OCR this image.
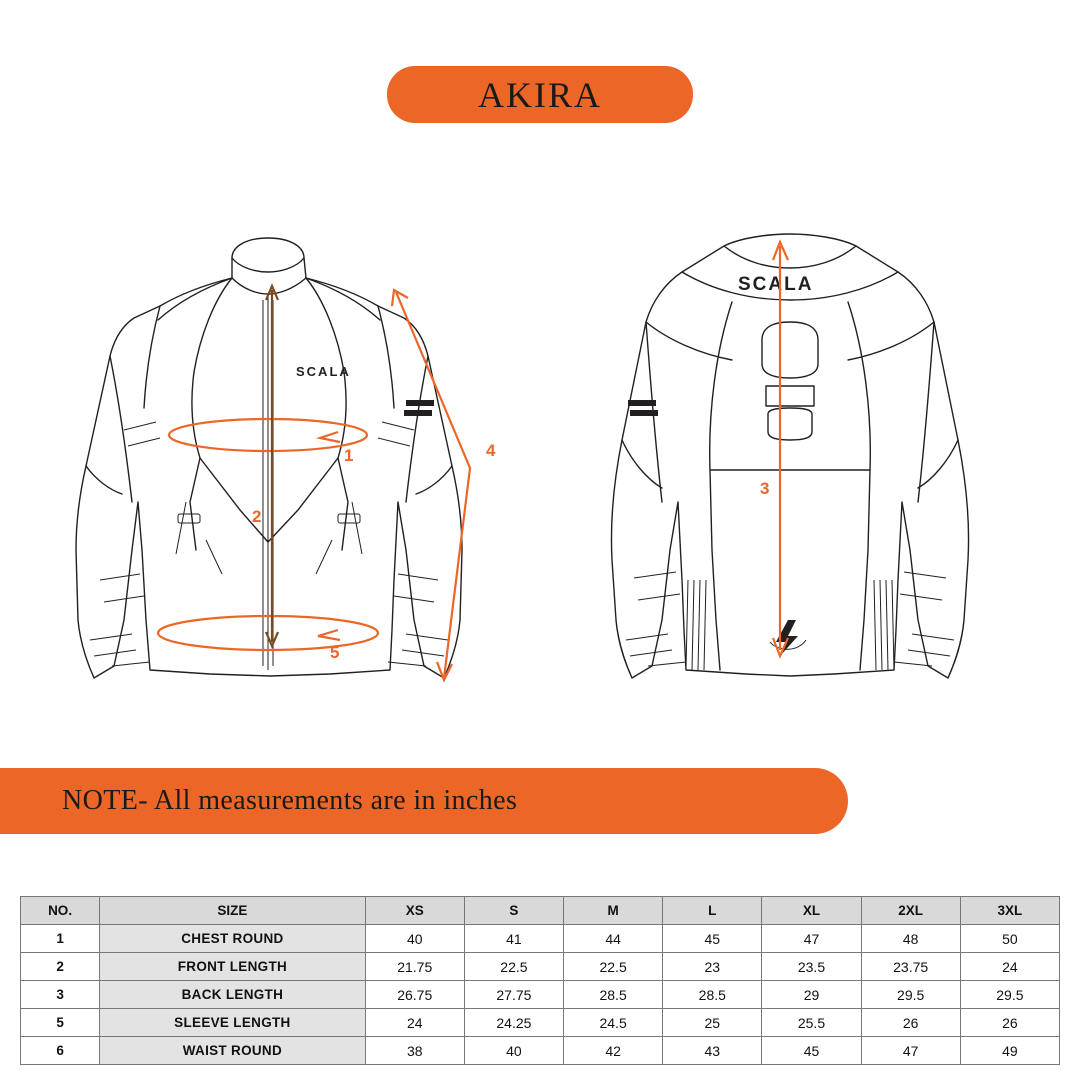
AKIRA
SCALA
1
5
2
4
SCALA
3
NOTE- All measurements are in inches
NO.	SIZE	XS	S	M	L	XL	2XL	3XL
1	CHEST ROUND	40	41	44	45	47	48	50
2	FRONT LENGTH	21.75	22.5	22.5	23	23.5	23.75	24
3	BACK LENGTH	26.75	27.75	28.5	28.5	29	29.5	29.5
5	SLEEVE LENGTH	24	24.25	24.5	25	25.5	26	26
6	WAIST ROUND	38	40	42	43	45	47	49
